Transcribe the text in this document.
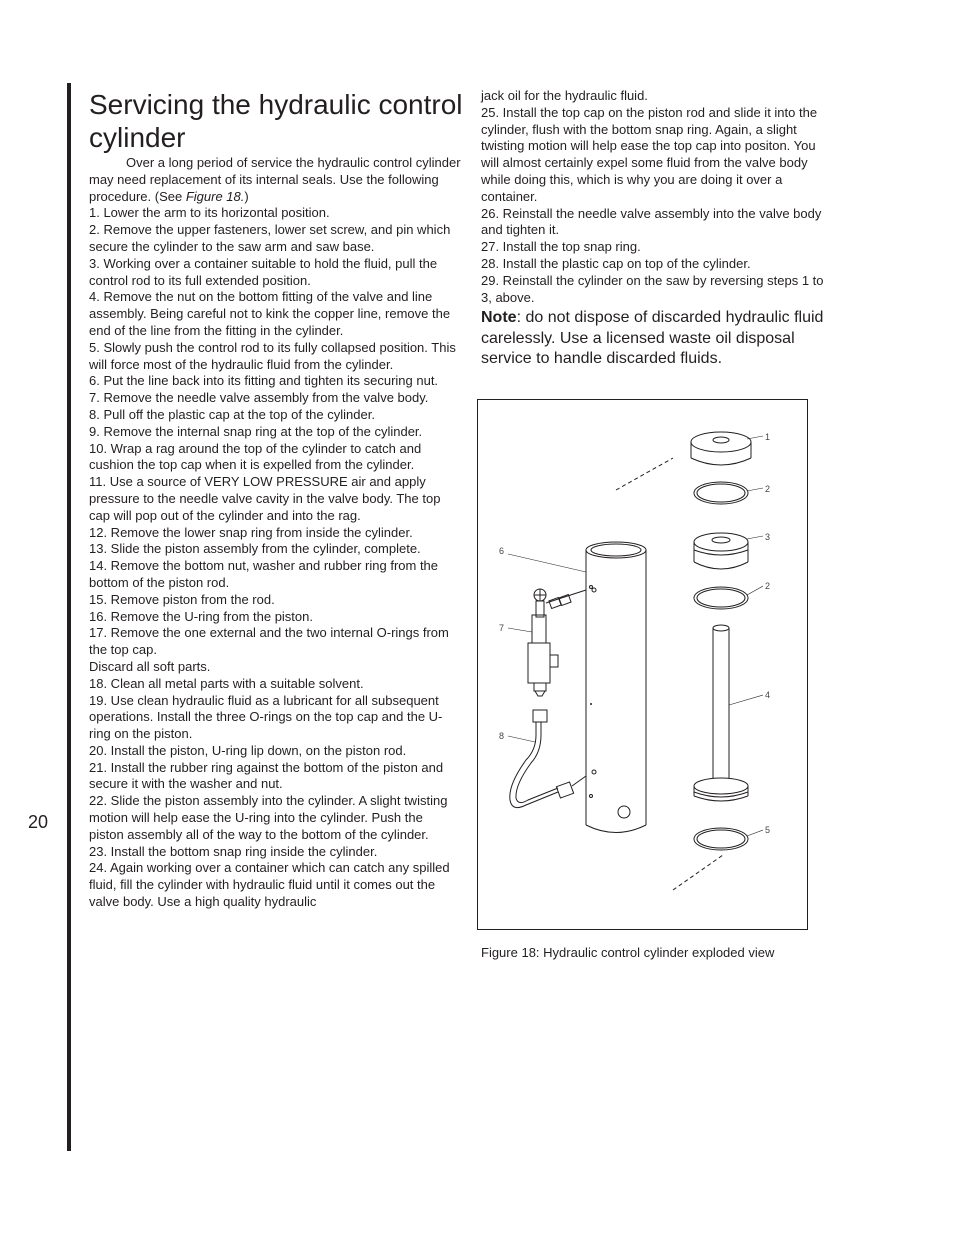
20
Servicing the hydraulic control cylinder

Over a long period of service the hydraulic control cylinder may need replacement of its internal seals. Use the following procedure. (See Figure 18.)

1. Lower the arm to its horizontal position.

2. Remove the upper fasteners, lower set screw, and pin which secure the cylinder to the saw arm and saw base.

3. Working over a container suitable to hold the fluid, pull the control rod to its full extended position.

4. Remove the nut on the bottom fitting of the valve and line assembly. Being careful not to kink the copper line, remove the end of the line from the fitting in the cylinder.

5. Slowly push the control rod to its fully collapsed position. This will force most of the hydraulic fluid from the cylinder.

6. Put the line back into its fitting and tighten its securing nut.

7. Remove the needle valve assembly from the valve body.

8. Pull off the plastic cap at the top of the cylinder.

9. Remove the internal snap ring at the top of the cylinder.

10. Wrap a rag around the top of the cylinder to catch and cushion the top cap when it is expelled from the cylinder.

11. Use a source of VERY LOW PRESSURE air and apply pressure to the needle valve cavity in the valve body. The top cap will pop out of the cylinder and into the rag.

12. Remove the lower snap ring from inside the cylinder.

13. Slide the piston assembly from the cylinder, complete.

14. Remove the bottom nut, washer and rubber ring from the bottom of the piston rod.

15. Remove piston from the rod.

16. Remove the U-ring from the piston.

17. Remove the one external and the two internal O-rings from the top cap.

Discard all soft parts.

18. Clean all metal parts with a suitable solvent.

19. Use clean hydraulic fluid as a lubricant for all subsequent operations. Install the three O-rings on the top cap and the U-ring on the piston.

20. Install the piston, U-ring lip down, on the piston rod.

21. Install the rubber ring against the bottom of the piston and secure it with the washer and nut.

22. Slide the piston assembly into the cylinder. A slight twisting motion will help ease the U-ring into the cylinder. Push the piston assembly all of the way to the bottom of the cylinder.

23. Install the bottom snap ring inside the cylinder.

24. Again working over a container which can catch any spilled fluid, fill the cylinder with hydraulic fluid until it comes out the valve body. Use a high quality hydraulic

jack oil for the hydraulic fluid.

25. Install the top cap on the piston rod and slide it into the cylinder, flush with the bottom snap ring. Again, a slight twisting motion will help ease the top cap into positon. You will almost certainly expel some fluid from the valve body while doing this, which is why you are doing it over a container.

26. Reinstall the needle valve assembly into the valve body and tighten it.

27. Install the top snap ring.

28. Install the plastic cap on top of the cylinder.

29. Reinstall the cylinder on the saw by reversing steps 1 to 3, above.

Note: do not dispose of discarded hydraulic fluid carelessly. Use a licensed waste oil disposal service to handle discarded fluids.
1
2
3
2
4
5
6
7
8
Figure 18: Hydraulic control cylinder exploded view
